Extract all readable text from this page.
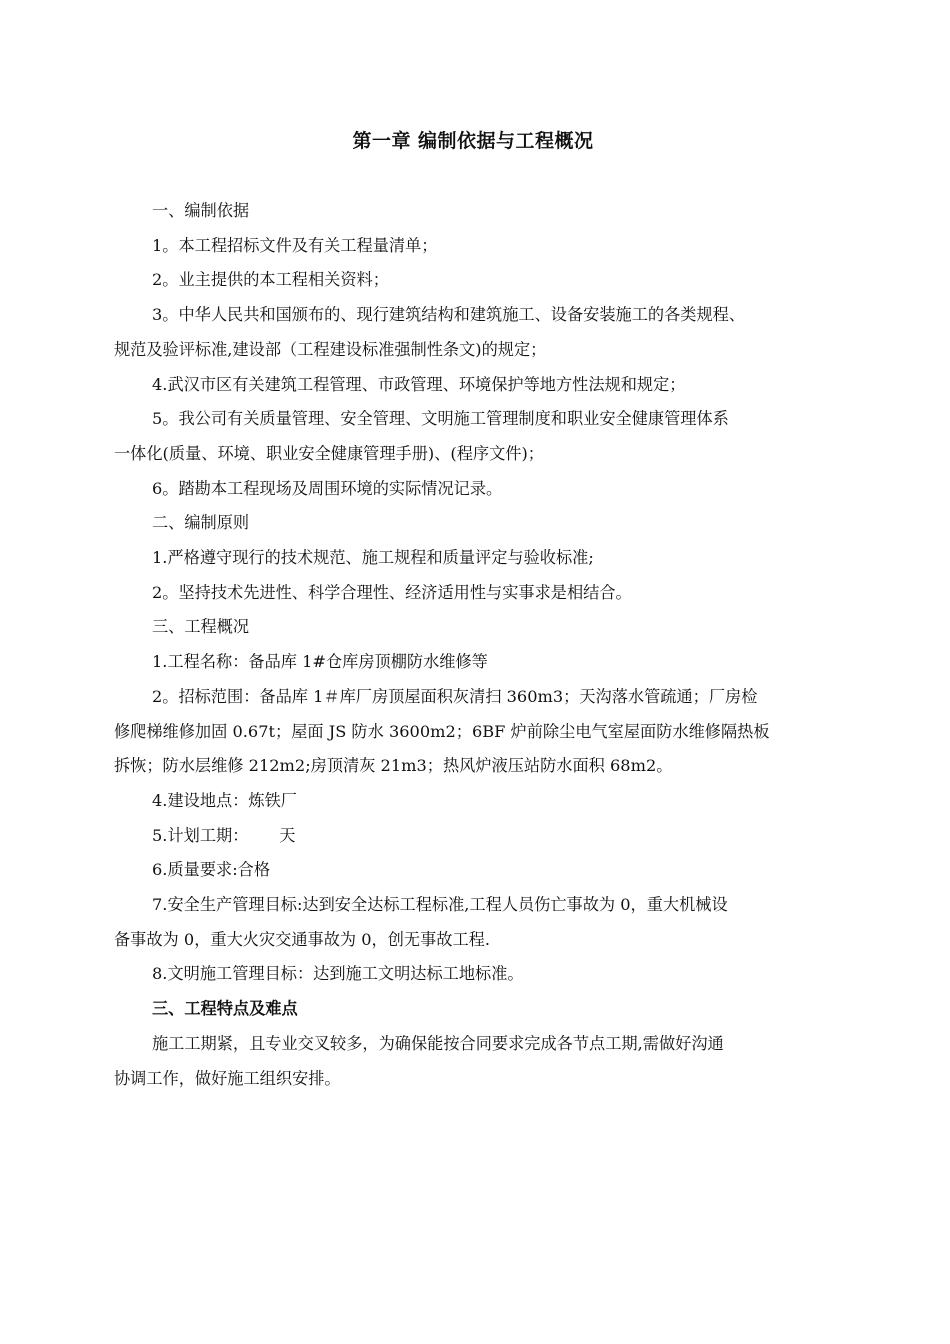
第一章 编制依据与工程概况

一、编制依据

1。本工程招标文件及有关工程量清单；

2。业主提供的本工程相关资料；

3。中华人民共和国颁布的、现行建筑结构和建筑施工、设备安装施工的各类规程、

规范及验评标准,建设部（工程建设标准强制性条文)的规定；

4.武汉市区有关建筑工程管理、市政管理、环境保护等地方性法规和规定；

5。我公司有关质量管理、安全管理、文明施工管理制度和职业安全健康管理体系

一体化(质量、环境、职业安全健康管理手册)、(程序文件)；

6。踏勘本工程现场及周围环境的实际情况记录。

二、编制原则

1.严格遵守现行的技术规范、施工规程和质量评定与验收标准;

2。坚持技术先进性、科学合理性、经济适用性与实事求是相结合。

三、工程概况

1.工程名称：备品库 1#仓库房顶棚防水维修等

2。招标范围：备品库 1＃库厂房顶屋面积灰清扫 360m3；天沟落水管疏通；厂房检

修爬梯维修加固 0.67t；屋面 JS 防水 3600m2；6BF 炉前除尘电气室屋面防水维修隔热板

拆恢；防水层维修 212m2;房顶清灰 21m3；热风炉液压站防水面积 68m2。

4.建设地点：炼铁厂

5.计划工期：      天

6.质量要求:合格

7.安全生产管理目标:达到安全达标工程标准,工程人员伤亡事故为 0，重大机械设

备事故为 0，重大火灾交通事故为 0，创无事故工程.

8.文明施工管理目标：达到施工文明达标工地标准。

三、工程特点及难点

施工工期紧，且专业交叉较多，为确保能按合同要求完成各节点工期,需做好沟通

协调工作，做好施工组织安排。
